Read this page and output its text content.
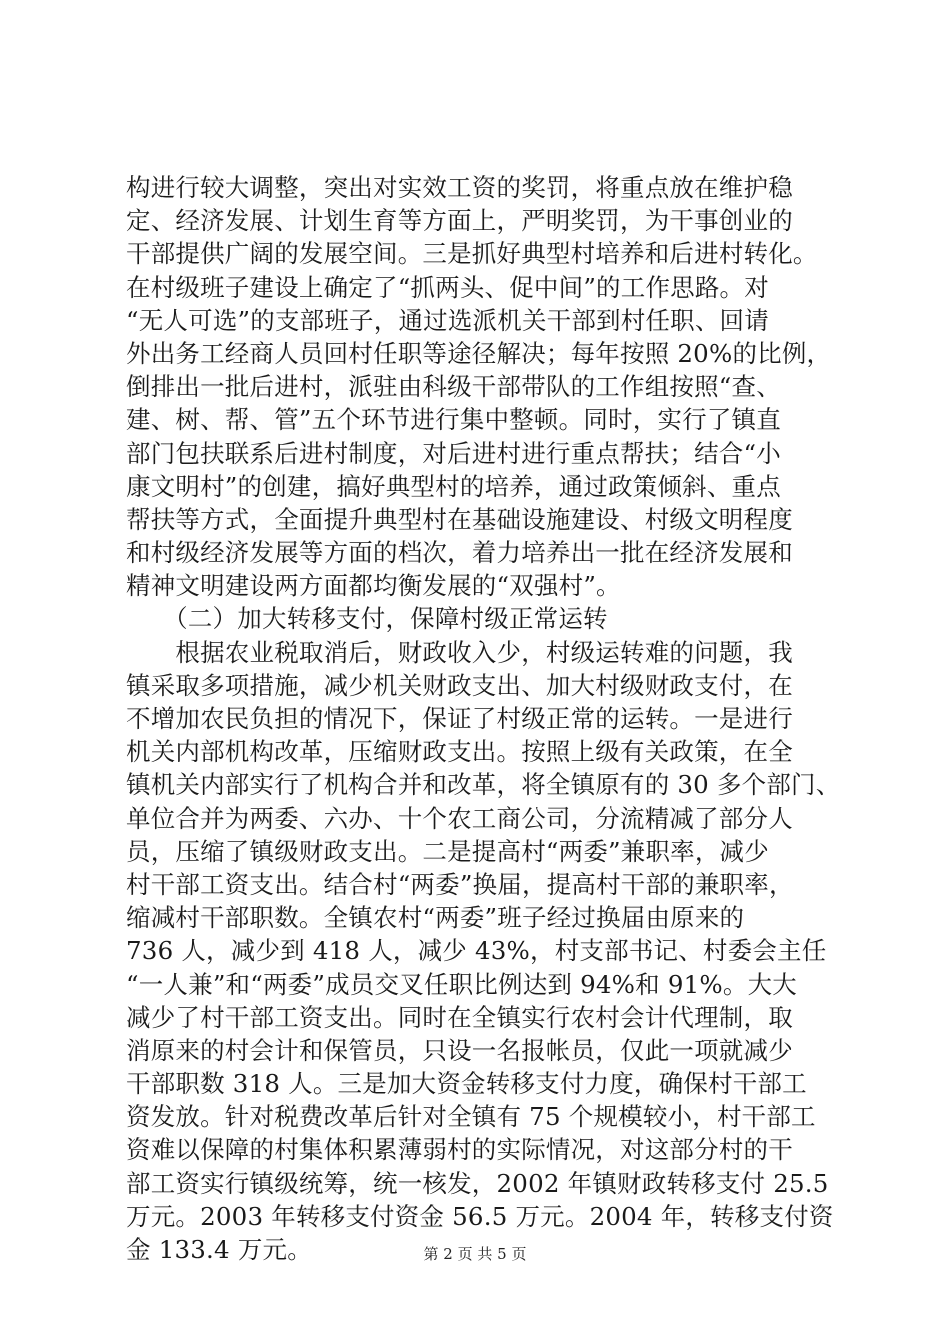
构进行较大调整，突出对实效工资的奖罚，将重点放在维护稳
定、经济发展、计划生育等方面上，严明奖罚，为干事创业的
干部提供广阔的发展空间。三是抓好典型村培养和后进村转化。
在村级班子建设上确定了“抓两头、促中间”的工作思路。对
“无人可选”的支部班子，通过选派机关干部到村任职、回请
外出务工经商人员回村任职等途径解决；每年按照 20%的比例，
倒排出一批后进村，派驻由科级干部带队的工作组按照“查、
建、树、帮、管”五个环节进行集中整顿。同时，实行了镇直
部门包扶联系后进村制度，对后进村进行重点帮扶；结合“小
康文明村”的创建，搞好典型村的培养，通过政策倾斜、重点
帮扶等方式，全面提升典型村在基础设施建设、村级文明程度
和村级经济发展等方面的档次，着力培养出一批在经济发展和
精神文明建设两方面都均衡发展的“双强村”。
　　（二）加大转移支付，保障村级正常运转
　　根据农业税取消后，财政收入少，村级运转难的问题，我
镇采取多项措施，减少机关财政支出、加大村级财政支付，在
不增加农民负担的情况下，保证了村级正常的运转。一是进行
机关内部机构改革，压缩财政支出。按照上级有关政策，在全
镇机关内部实行了机构合并和改革，将全镇原有的 30 多个部门、
单位合并为两委、六办、十个农工商公司，分流精减了部分人
员，压缩了镇级财政支出。二是提高村“两委”兼职率，减少
村干部工资支出。结合村“两委”换届，提高村干部的兼职率，
缩减村干部职数。全镇农村“两委”班子经过换届由原来的
736 人，减少到 418 人，减少 43%，村支部书记、村委会主任
“一人兼”和“两委”成员交叉任职比例达到 94%和 91%。大大
减少了村干部工资支出。同时在全镇实行农村会计代理制，取
消原来的村会计和保管员，只设一名报帐员，仅此一项就减少
干部职数 318 人。三是加大资金转移支付力度，确保村干部工
资发放。针对税费改革后针对全镇有 75 个规模较小，村干部工
资难以保障的村集体积累薄弱村的实际情况，对这部分村的干
部工资实行镇级统筹，统一核发，2002 年镇财政转移支付 25.5
万元。2003 年转移支付资金 56.5 万元。2004 年，转移支付资
金 133.4 万元。	第 2 页 共 5 页
